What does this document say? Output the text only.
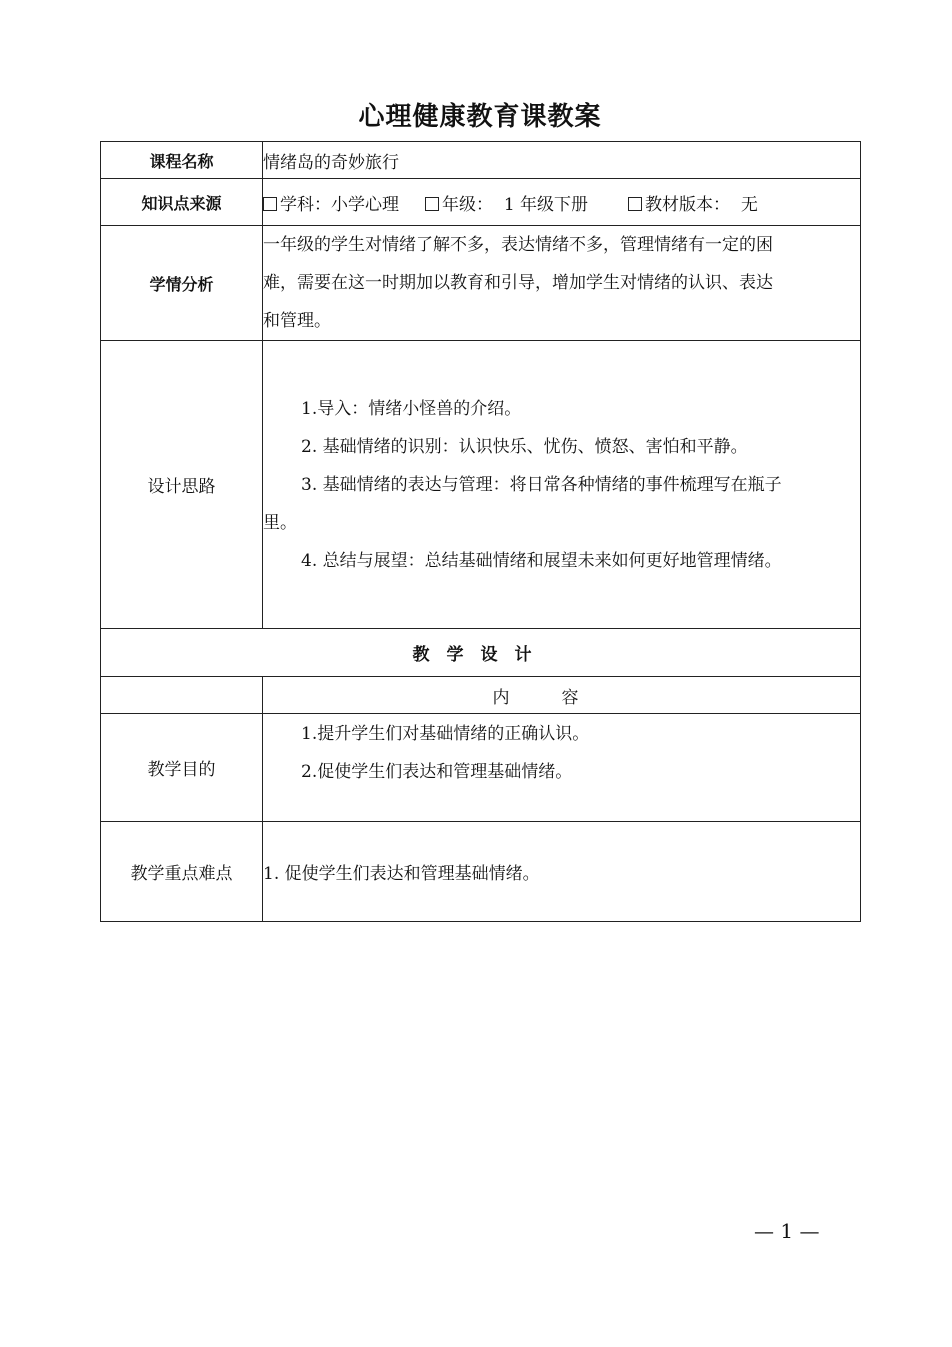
心理健康教育课教案
课程名称	情绪岛的奇妙旅行
知识点来源	学科：小学心理 年级： 1 年级下册 教材版本： 无
学情分析	一年级的学生对情绪了解不多，表达情绪不多，管理情绪有一定的困
难，需要在这一时期加以教育和引导，增加学生对情绪的认识、表达
和管理。

设计思路	1.导入：情绪小怪兽的介绍。
2. 基础情绪的识别：认识快乐、忧伤、愤怒、害怕和平静。
3. 基础情绪的表达与管理：将日常各种情绪的事件梳理写在瓶子
里。
4. 总结与展望：总结基础情绪和展望未来如何更好地管理情绪。

教学设计	
	内容
教学目的	1.提升学生们对基础情绪的正确认识。
2.促使学生们表达和管理基础情绪。

教学重点难点	1. 促使学生们表达和管理基础情绪。
— 1 —
